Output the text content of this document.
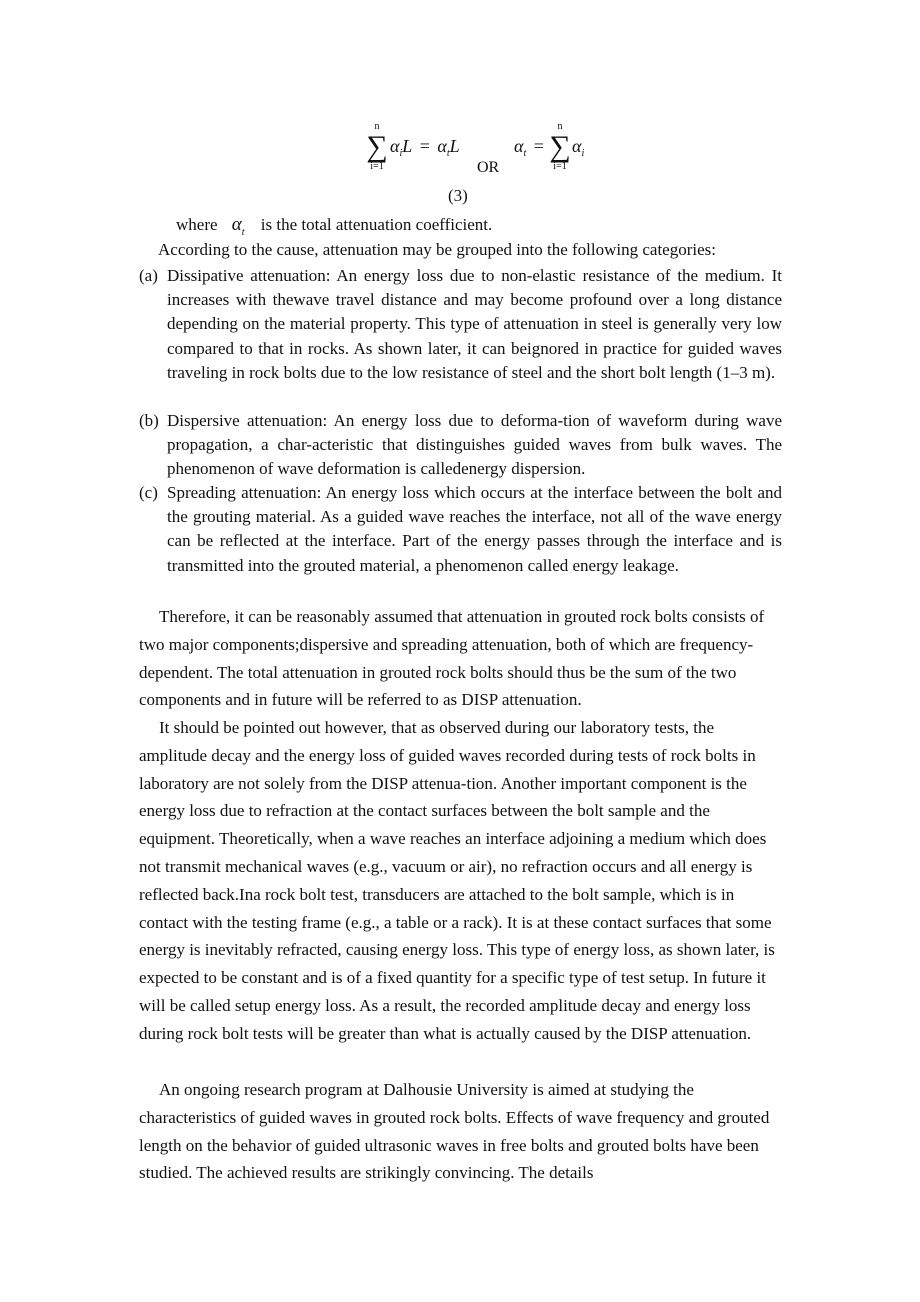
n
∑
i=1
$\alpha_iL = \alpha_tL$
OR
$\alpha_t$ =
n
∑
i=1
$\alpha_i$
(3)
where $\alpha_t$ is the total attenuation coefficient.
According to the cause, attenuation may be grouped into the following categories:
(a) Dissipative attenuation: An energy loss due to non-elastic resistance of the medium. It increases with thewave travel distance and may become profound over a long distance depending on the material property. This type of attenuation in steel is generally very low compared to that in rocks. As shown later, it can beignored in practice for guided waves traveling in rock bolts due to the low resistance of steel and the short bolt length (1–3 m).
(b) Dispersive attenuation: An energy loss due to deforma-tion of waveform during wave propagation, a char-acteristic that distinguishes guided waves from bulk waves. The phenomenon of wave deformation is calledenergy dispersion.
(c) Spreading attenuation: An energy loss which occurs at the interface between the bolt and the grouting material. As a guided wave reaches the interface, not all of the wave energy can be reflected at the interface. Part of the energy passes through the interface and is transmitted into the grouted material, a phenomenon called energy leakage.

Therefore, it can be reasonably assumed that attenuation in grouted rock bolts consists of two major components;dispersive and spreading attenuation, both of which are frequency-dependent. The total attenuation in grouted rock bolts should thus be the sum of the two components and in future will be referred to as DISP attenuation.

It should be pointed out however, that as observed during our laboratory tests, the amplitude decay and the energy loss of guided waves recorded during tests of rock bolts in laboratory are not solely from the DISP attenua-tion. Another important component is the energy loss due to refraction at the contact surfaces between the bolt sample and the equipment. Theoretically, when a wave reaches an interface adjoining a medium which does not transmit mechanical waves (e.g., vacuum or air), no refraction occurs and all energy is reflected back.Ina rock bolt test, transducers are attached to the bolt sample, which is in contact with the testing frame (e.g., a table or a rack). It is at these contact surfaces that some energy is inevitably refracted, causing energy loss. This type of energy loss, as shown later, is expected to be constant and is of a fixed quantity for a specific type of test setup. In future it will be called setup energy loss. As a result, the recorded amplitude decay and energy loss during rock bolt tests will be greater than what is actually caused by the DISP attenuation.

An ongoing research program at Dalhousie University is aimed at studying the characteristics of guided waves in grouted rock bolts. Effects of wave frequency and grouted length on the behavior of guided ultrasonic waves in free bolts and grouted bolts have been studied. The achieved results are strikingly convincing. The details
